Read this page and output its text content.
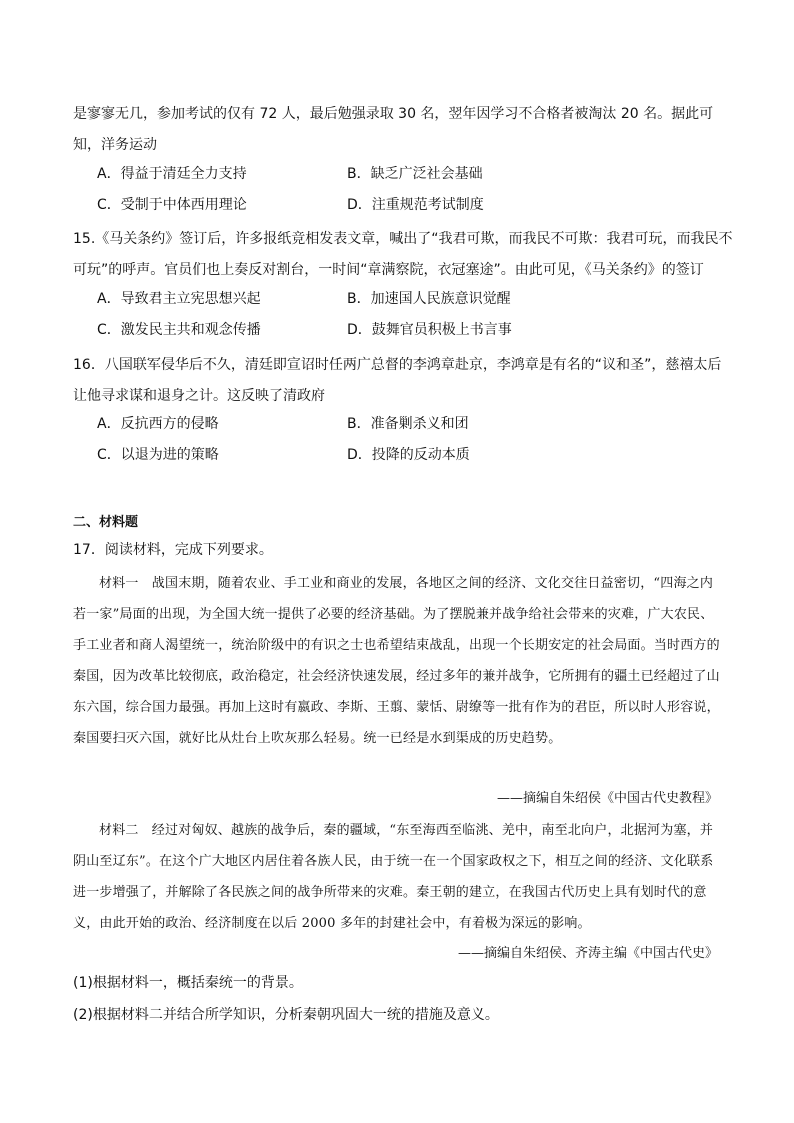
是寥寥无几，参加考试的仅有 72 人，最后勉强录取 30 名，翌年因学习不合格者被淘汰 20 名。据此可知，洋务运动
A．得益于清廷全力支持	B．缺乏广泛社会基础
C．受制于中体西用理论	D．注重规范考试制度
15.《马关条约》签订后，许多报纸竞相发表文章，喊出了“我君可欺，而我民不可欺：我君可玩，而我民不可玩”的呼声。官员们也上奏反对割台，一时间“章满察院，衣冠塞途”。由此可见，《马关条约》的签订
A．导致君主立宪思想兴起	B．加速国人民族意识觉醒
C．激发民主共和观念传播	D．鼓舞官员积极上书言事
16．八国联军侵华后不久，清廷即宣诏时任两广总督的李鸿章赴京，李鸿章是有名的“议和圣”，慈禧太后让他寻求谋和退身之计。这反映了清政府
A．反抗西方的侵略	B．准备剿杀义和团
C．以退为进的策略	D．投降的反动本质
二、材料题
17．阅读材料，完成下列要求。
材料一　战国末期，随着农业、手工业和商业的发展，各地区之间的经济、文化交往日益密切，“四海之内若一家”局面的出现，为全国大统一提供了必要的经济基础。为了摆脱兼并战争给社会带来的灾难，广大农民、手工业者和商人渴望统一，统治阶级中的有识之士也希望结束战乱，出现一个长期安定的社会局面。当时西方的秦国，因为改革比较彻底，政治稳定，社会经济快速发展，经过多年的兼并战争，它所拥有的疆土已经超过了山东六国，综合国力最强。再加上这时有嬴政、李斯、王翦、蒙恬、尉缭等一批有作为的君臣，所以时人形容说，秦国要扫灭六国，就好比从灶台上吹灰那么轻易。统一已经是水到渠成的历史趋势。
——摘编自朱绍侯《中国古代史教程》
材料二　经过对匈奴、越族的战争后，秦的疆域，“东至海西至临洮、羌中，南至北向户，北据河为塞，并阴山至辽东”。在这个广大地区内居住着各族人民，由于统一在一个国家政权之下，相互之间的经济、文化联系进一步增强了，并解除了各民族之间的战争所带来的灾难。秦王朝的建立，在我国古代历史上具有划时代的意义，由此开始的政治、经济制度在以后 2000 多年的封建社会中，有着极为深远的影响。
——摘编自朱绍侯、齐涛主编《中国古代史》
(1)根据材料一，概括秦统一的背景。
(2)根据材料二并结合所学知识，分析秦朝巩固大一统的措施及意义。
